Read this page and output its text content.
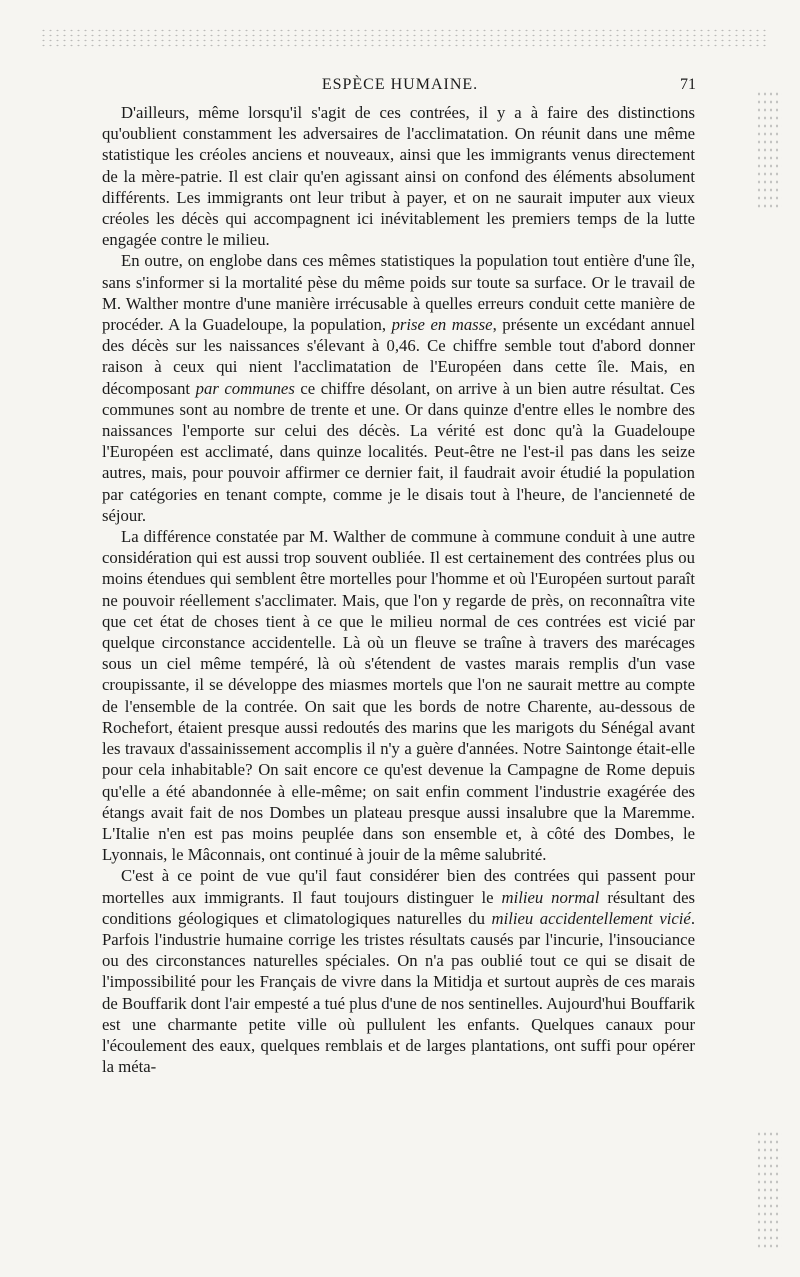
ESPÈCE HUMAINE.	71

D'ailleurs, même lorsqu'il s'agit de ces contrées, il y a à faire des distinctions qu'oublient constamment les adversaires de l'acclimatation. On réunit dans une même statistique les créoles anciens et nouveaux, ainsi que les immigrants venus directement de la mère-patrie. Il est clair qu'en agissant ainsi on confond des éléments absolument différents. Les immigrants ont leur tribut à payer, et on ne saurait imputer aux vieux créoles les décès qui accompagnent ici inévitablement les premiers temps de la lutte engagée contre le milieu.

En outre, on englobe dans ces mêmes statistiques la population tout entière d'une île, sans s'informer si la mortalité pèse du même poids sur toute sa surface. Or le travail de M. Walther montre d'une manière irrécusable à quelles erreurs conduit cette manière de procéder. A la Guadeloupe, la population, prise en masse, présente un excédant annuel des décès sur les naissances s'élevant à 0,46. Ce chiffre semble tout d'abord donner raison à ceux qui nient l'acclimatation de l'Européen dans cette île. Mais, en décomposant par communes ce chiffre désolant, on arrive à un bien autre résultat. Ces communes sont au nombre de trente et une. Or dans quinze d'entre elles le nombre des naissances l'emporte sur celui des décès. La vérité est donc qu'à la Guadeloupe l'Européen est acclimaté, dans quinze localités. Peut-être ne l'est-il pas dans les seize autres, mais, pour pouvoir affirmer ce dernier fait, il faudrait avoir étudié la population par catégories en tenant compte, comme je le disais tout à l'heure, de l'ancienneté de séjour.

La différence constatée par M. Walther de commune à commune conduit à une autre considération qui est aussi trop souvent oubliée. Il est certainement des contrées plus ou moins étendues qui semblent être mortelles pour l'homme et où l'Européen surtout paraît ne pouvoir réellement s'acclimater. Mais, que l'on y regarde de près, on reconnaîtra vite que cet état de choses tient à ce que le milieu normal de ces contrées est vicié par quelque circonstance accidentelle. Là où un fleuve se traîne à travers des marécages sous un ciel même tempéré, là où s'étendent de vastes marais remplis d'un vase croupissante, il se développe des miasmes mortels que l'on ne saurait mettre au compte de l'ensemble de la contrée. On sait que les bords de notre Charente, au-dessous de Rochefort, étaient presque aussi redoutés des marins que les marigots du Sénégal avant les travaux d'assainissement accomplis il n'y a guère d'années. Notre Saintonge était-elle pour cela inhabitable? On sait encore ce qu'est devenue la Campagne de Rome depuis qu'elle a été abandonnée à elle-même; on sait enfin comment l'industrie exagérée des étangs avait fait de nos Dombes un plateau presque aussi insalubre que la Maremme. L'Italie n'en est pas moins peuplée dans son ensemble et, à côté des Dombes, le Lyonnais, le Mâconnais, ont continué à jouir de la même salubrité.

C'est à ce point de vue qu'il faut considérer bien des contrées qui passent pour mortelles aux immigrants. Il faut toujours distinguer le milieu normal résultant des conditions géologiques et climatologiques naturelles du milieu accidentellement vicié. Parfois l'industrie humaine corrige les tristes résultats causés par l'incurie, l'insouciance ou des circonstances naturelles spéciales. On n'a pas oublié tout ce qui se disait de l'impossibilité pour les Français de vivre dans la Mitidja et surtout auprès de ces marais de Bouffarik dont l'air empesté a tué plus d'une de nos sentinelles. Aujourd'hui Bouffarik est une charmante petite ville où pullulent les enfants. Quelques canaux pour l'écoulement des eaux, quelques remblais et de larges plantations, ont suffi pour opérer la méta-
